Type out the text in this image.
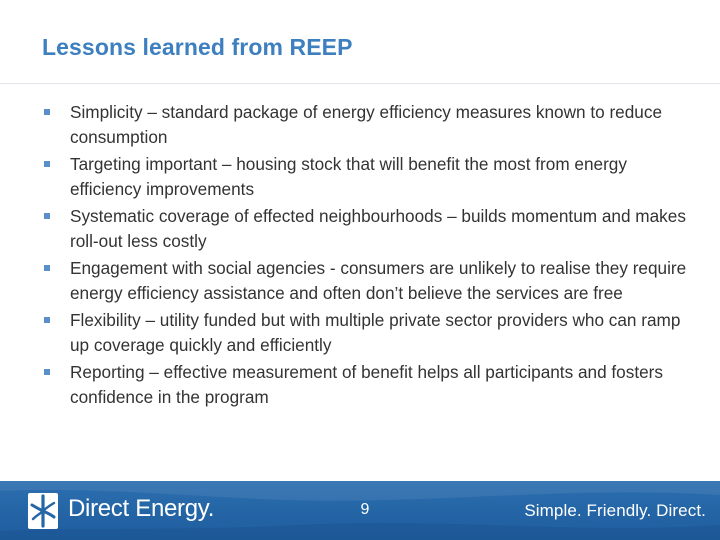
Lessons learned from REEP
Simplicity – standard package of energy efficiency measures known to reduce consumption
Targeting important – housing stock that will benefit the most from energy efficiency improvements
Systematic coverage of effected neighbourhoods – builds momentum and makes roll-out less costly
Engagement with social agencies - consumers are unlikely to realise they require energy efficiency assistance and often don’t believe the services are free
Flexibility – utility funded but with multiple private sector providers who can ramp up coverage quickly and efficiently
Reporting – effective measurement of benefit helps all participants and fosters confidence in the program
Direct Energy.	9	Simple. Friendly. Direct.
